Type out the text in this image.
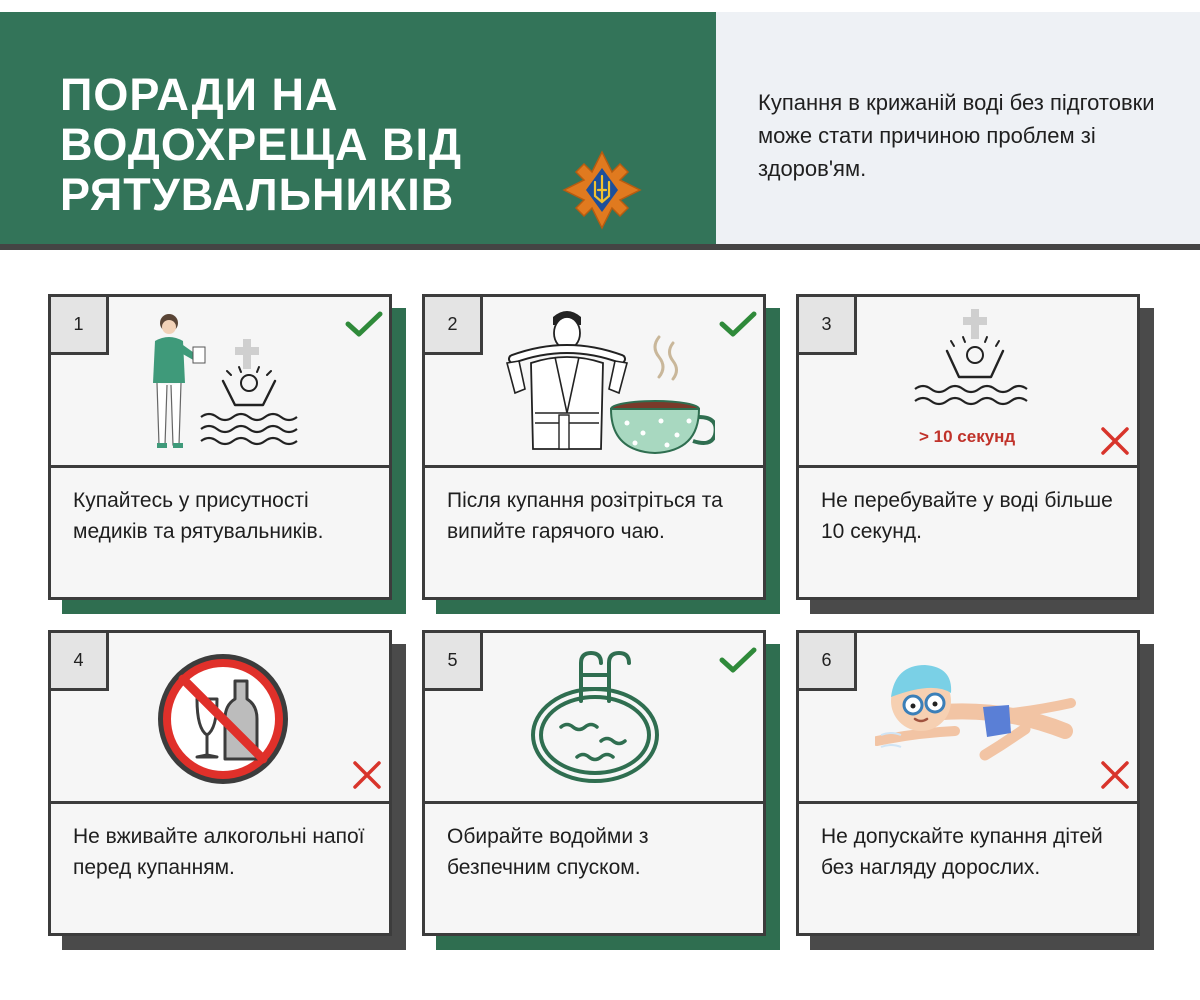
ПОРАДИ НА
ВОДОХРЕЩА ВІД
РЯТУВАЛЬНИКІВ

Купання в крижаній воді без підготовки може стати причиною проблем зі здоров'ям.

1

Купайтесь у присутності медиків та рятувальників.

2

Після купання розітріться та випийте гарячого чаю.

3
> 10 секунд

Не перебувайте у воді більше 10 секунд.

4

Не вживайте алкогольні напої перед купанням.

5

Обирайте водойми з безпечним спуском.

6

Не допускайте купання дітей без нагляду дорослих.
